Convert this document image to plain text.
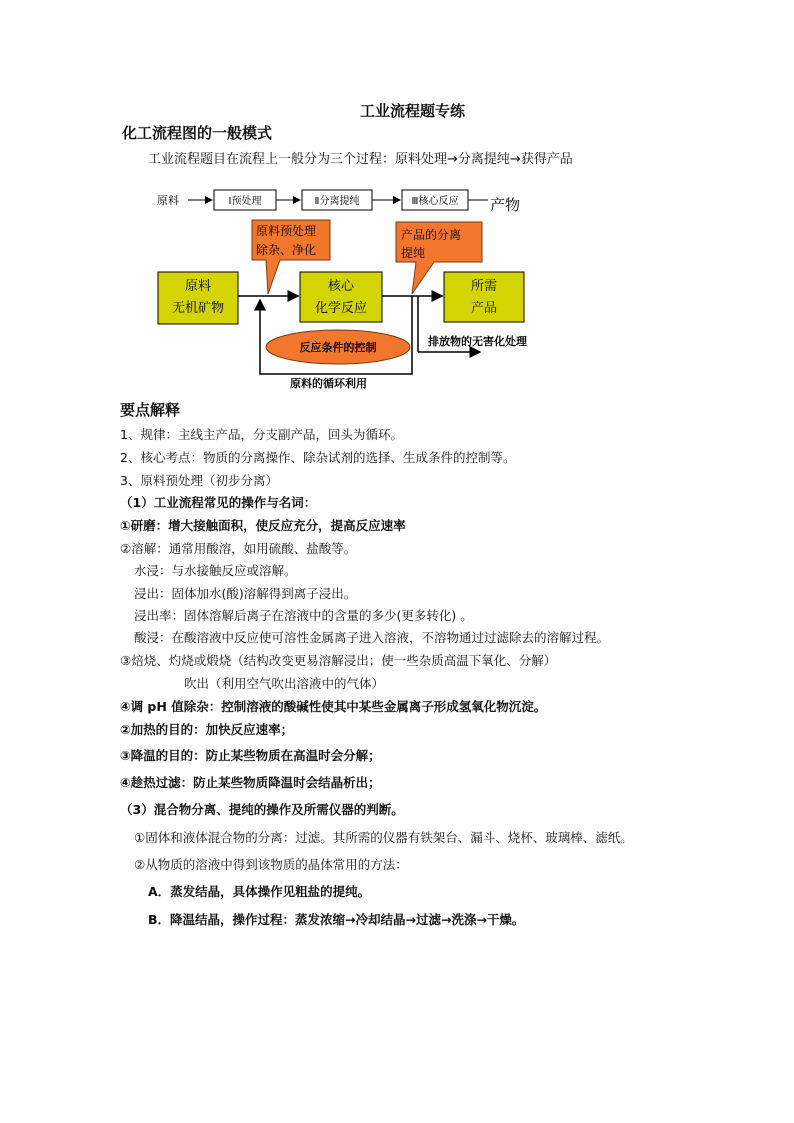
工业流程题专练
化工流程图的一般模式
工业流程题目在流程上一般分为三个过程：原料处理→分离提纯→获得产品
原料	Ⅰ预处理	Ⅱ分离提纯	Ⅲ核心反应 产物
原料预处理
除杂、净化
产品的分离
提纯
原料
无机矿物
核心
化学反应
所需
产品
排放物的无害化处理
反应条件的控制
原料的循环利用
要点解释
1、规律：主线主产品，分支副产品，回头为循环。
2、核心考点：物质的分离操作、除杂试剂的选择、生成条件的控制等。
3、原料预处理（初步分离）
（1）工业流程常见的操作与名词：
①研磨：增大接触面积，使反应充分，提高反应速率
②溶解：通常用酸溶，如用硫酸、盐酸等。
水浸：与水接触反应或溶解。
浸出：固体加水(酸)溶解得到离子浸出。
浸出率：固体溶解后离子在溶液中的含量的多少(更多转化) 。
酸浸：在酸溶液中反应使可溶性金属离子进入溶液，不溶物通过过滤除去的溶解过程。
③焙烧、灼烧或煅烧（结构改变更易溶解浸出；使一些杂质高温下氧化、分解）
吹出（利用空气吹出溶液中的气体）
④调 pH 值除杂：控制溶液的酸碱性使其中某些金属离子形成氢氧化物沉淀。
②加热的目的：加快反应速率；
③降温的目的：防止某些物质在高温时会分解；
④趁热过滤：防止某些物质降温时会结晶析出；
（3）混合物分离、提纯的操作及所需仪器的判断。
①固体和液体混合物的分离：过滤。其所需的仪器有铁架台、漏斗、烧杯、玻璃棒、滤纸。
②从物质的溶液中得到该物质的晶体常用的方法：
A．蒸发结晶，具体操作见粗盐的提纯。
B．降温结晶，操作过程：蒸发浓缩→冷却结晶→过滤→洗涤→干燥。
